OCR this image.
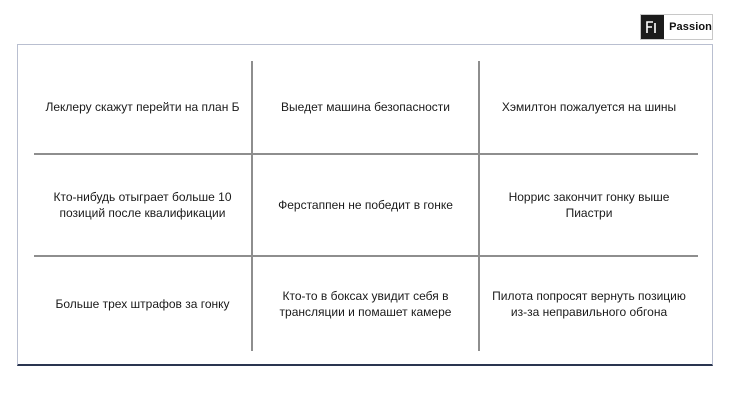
Passion
Леклеру скажут перейти на план Б	Выедет машина безопасности	Хэмилтон пожалуется на шины
Кто-нибудь отыграет больше 10 позиций после квалификации
Ферстаппен не победит в гонке
Норрис закончит гонку выше Пиастри
Больше трех штрафов за гонку
Кто-то в боксах увидит себя в трансляции и помашет камере
Пилота попросят вернуть позицию из-за неправильного обгона
